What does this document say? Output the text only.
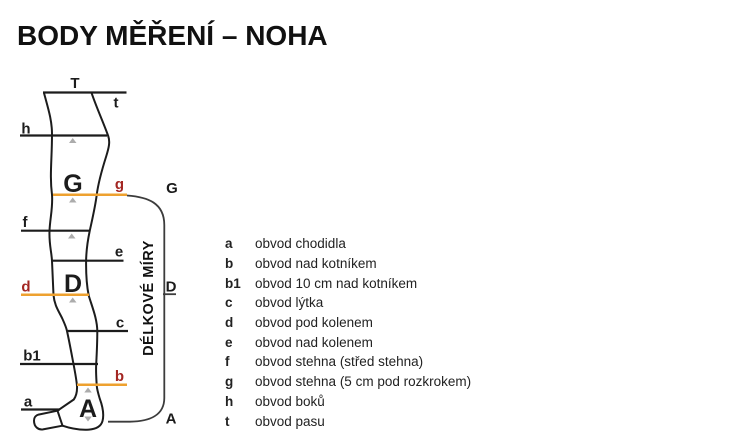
BODY MĚŘENÍ – NOHA
T
t
h
g
f
e
d
c
b1
b
a
G
D
A
G
D
A
DÉLKOVÉ MÍRY	a	obvod chodidla
b	obvod nad kotníkem
b1	obvod 10 cm nad kotníkem
c	obvod lýtka
d	obvod pod kolenem
e	obvod nad kolenem
f	obvod stehna (střed stehna)
g	obvod stehna (5 cm pod rozkrokem)
h	obvod boků
t	obvod pasu
